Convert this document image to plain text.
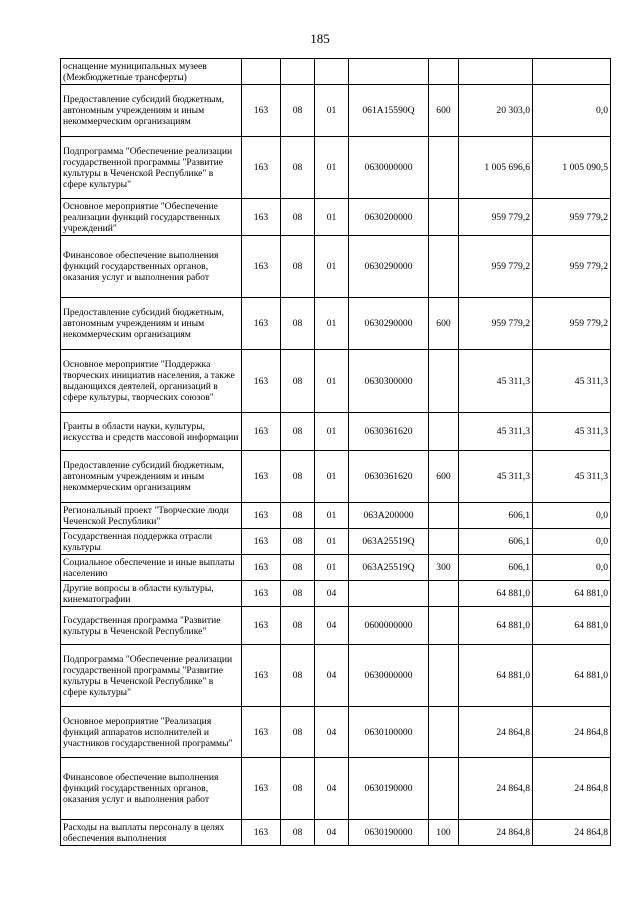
185
оснащение муниципальных музеев (Межбюджетные трансферты)							
Предоставление субсидий бюджетным, автономным учреждениям и иным некоммерческим организациям	163	08	01	061A15590Q	600	20 303,0	0,0
Подпрограмма "Обеспечение реализации государственной программы "Развитие культуры в Чеченской Республике" в сфере культуры"	163	08	01	0630000000		1 005 696,6	1 005 090,5
Основное мероприятие "Обеспечение реализации функций государственных учреждений"	163	08	01	0630200000		959 779,2	959 779,2
Финансовое обеспечение выполнения функций государственных органов, оказания услуг и выполнения работ	163	08	01	0630290000		959 779,2	959 779,2
Предоставление субсидий бюджетным, автономным учреждениям и иным некоммерческим организациям	163	08	01	0630290000	600	959 779,2	959 779,2
Основное мероприятие "Поддержка творческих инициатив населения, а также выдающихся деятелей, организаций в сфере культуры, творческих союзов"	163	08	01	0630300000		45 311,3	45 311,3
Гранты в области науки, культуры, искусства и средств массовой информации	163	08	01	0630361620		45 311,3	45 311,3
Предоставление субсидий бюджетным, автономным учреждениям и иным некоммерческим организациям	163	08	01	0630361620	600	45 311,3	45 311,3
Региональный проект "Творческие люди Чеченской Республики"	163	08	01	063A200000		606,1	0,0
Государственная поддержка отрасли культуры	163	08	01	063A25519Q		606,1	0,0
Социальное обеспечение и иные выплаты населению	163	08	01	063A25519Q	300	606,1	0,0
Другие вопросы в области культуры, кинематографии	163	08	04			64 881,0	64 881,0
Государственная программа "Развитие культуры в Чеченской Республике"	163	08	04	0600000000		64 881,0	64 881,0
Подпрограмма "Обеспечение реализации государственной программы "Развитие культуры в Чеченской Республике" в сфере культуры"	163	08	04	0630000000		64 881,0	64 881,0
Основное мероприятие "Реализация функций аппаратов исполнителей и участников государственной программы"	163	08	04	0630100000		24 864,8	24 864,8
Финансовое обеспечение выполнения функций государственных органов, оказания услуг и выполнения работ	163	08	04	0630190000		24 864,8	24 864,8
Расходы на выплаты персоналу в целях обеспечения выполнения	163	08	04	0630190000	100	24 864,8	24 864,8
